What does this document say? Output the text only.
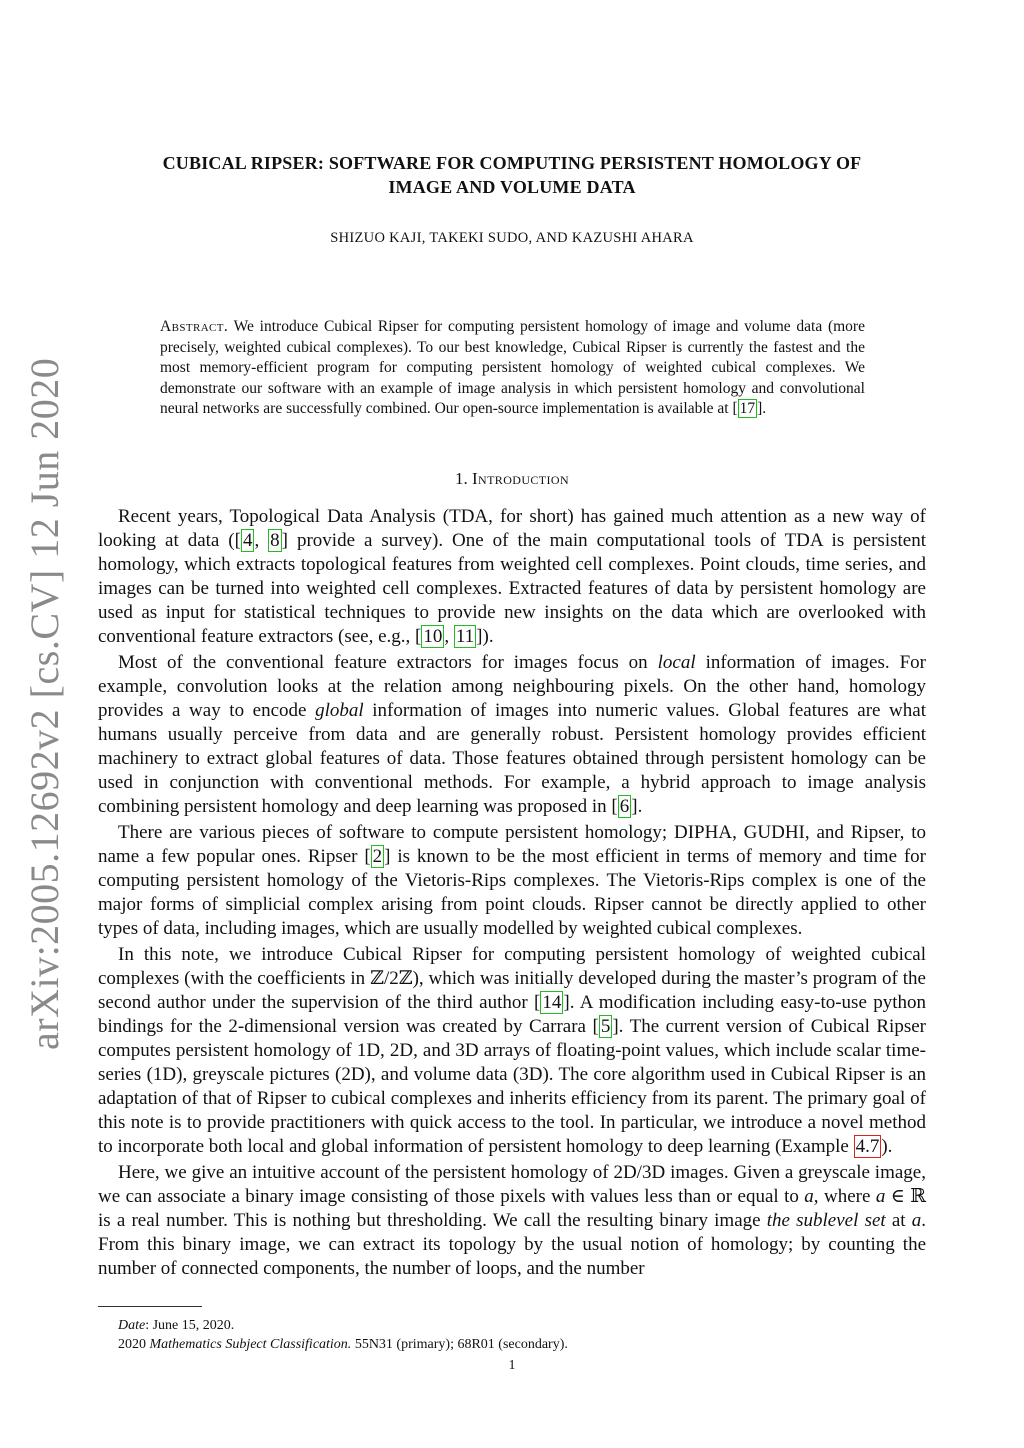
arXiv:2005.12692v2 [cs.CV] 12 Jun 2020
CUBICAL RIPSER: SOFTWARE FOR COMPUTING PERSISTENT HOMOLOGY OF
IMAGE AND VOLUME DATA
SHIZUO KAJI, TAKEKI SUDO, AND KAZUSHI AHARA
Abstract. We introduce Cubical Ripser for computing persistent homology of image and volume data (more precisely, weighted cubical complexes). To our best knowledge, Cubical Ripser is currently the fastest and the most memory-efficient program for computing persistent homology of weighted cubical complexes. We demonstrate our software with an example of image analysis in which persistent homology and convolutional neural networks are successfully combined. Our open-source implementation is available at [ 17 ].
1. Introduction

Recent years, Topological Data Analysis (TDA, for short) has gained much attention as a new way of looking at data ([ 4 , 8 ] provide a survey). One of the main computational tools of TDA is persistent homology, which extracts topological features from weighted cell complexes. Point clouds, time series, and images can be turned into weighted cell complexes. Extracted features of data by persistent homology are used as input for statistical techniques to provide new insights on the data which are overlooked with conventional feature extractors (see, e.g., [ 10 , 11 ]).

Most of the conventional feature extractors for images focus on local information of images. For example, convolution looks at the relation among neighbouring pixels. On the other hand, homology provides a way to encode global information of images into numeric values. Global features are what humans usually perceive from data and are generally robust. Persistent homology provides efficient machinery to extract global features of data. Those features obtained through persistent homology can be used in conjunction with conventional methods. For example, a hybrid approach to image analysis combining persistent homology and deep learning was proposed in [ 6 ].

There are various pieces of software to compute persistent homology; DIPHA, GUDHI, and Ripser, to name a few popular ones. Ripser [ 2 ] is known to be the most efficient in terms of memory and time for computing persistent homology of the Vietoris-Rips complexes. The Vietoris-Rips complex is one of the major forms of simplicial complex arising from point clouds. Ripser cannot be directly applied to other types of data, including images, which are usually modelled by weighted cubical complexes.

In this note, we introduce Cubical Ripser for computing persistent homology of weighted cubical complexes (with the coefficients in ℤ/2ℤ), which was initially developed during the master’s program of the second author under the supervision of the third author [ 14 ]. A modification including easy-to-use python bindings for the 2-dimensional version was created by Carrara [ 5 ]. The current version of Cubical Ripser computes persistent homology of 1D, 2D, and 3D arrays of floating-point values, which include scalar time-series (1D), greyscale pictures (2D), and volume data (3D). The core algorithm used in Cubical Ripser is an adaptation of that of Ripser to cubical complexes and inherits efficiency from its parent. The primary goal of this note is to provide practitioners with quick access to the tool. In particular, we introduce a novel method to incorporate both local and global information of persistent homology to deep learning (Example 4.7 ).

Here, we give an intuitive account of the persistent homology of 2D/3D images. Given a greyscale image, we can associate a binary image consisting of those pixels with values less than or equal to a, where a ∈ ℝ is a real number. This is nothing but thresholding. We call the resulting binary image the sublevel set at a. From this binary image, we can extract its topology by the usual notion of homology; by counting the number of connected components, the number of loops, and the number

Date: June 15, 2020.
2020 Mathematics Subject Classification. 55N31 (primary); 68R01 (secondary).
1
